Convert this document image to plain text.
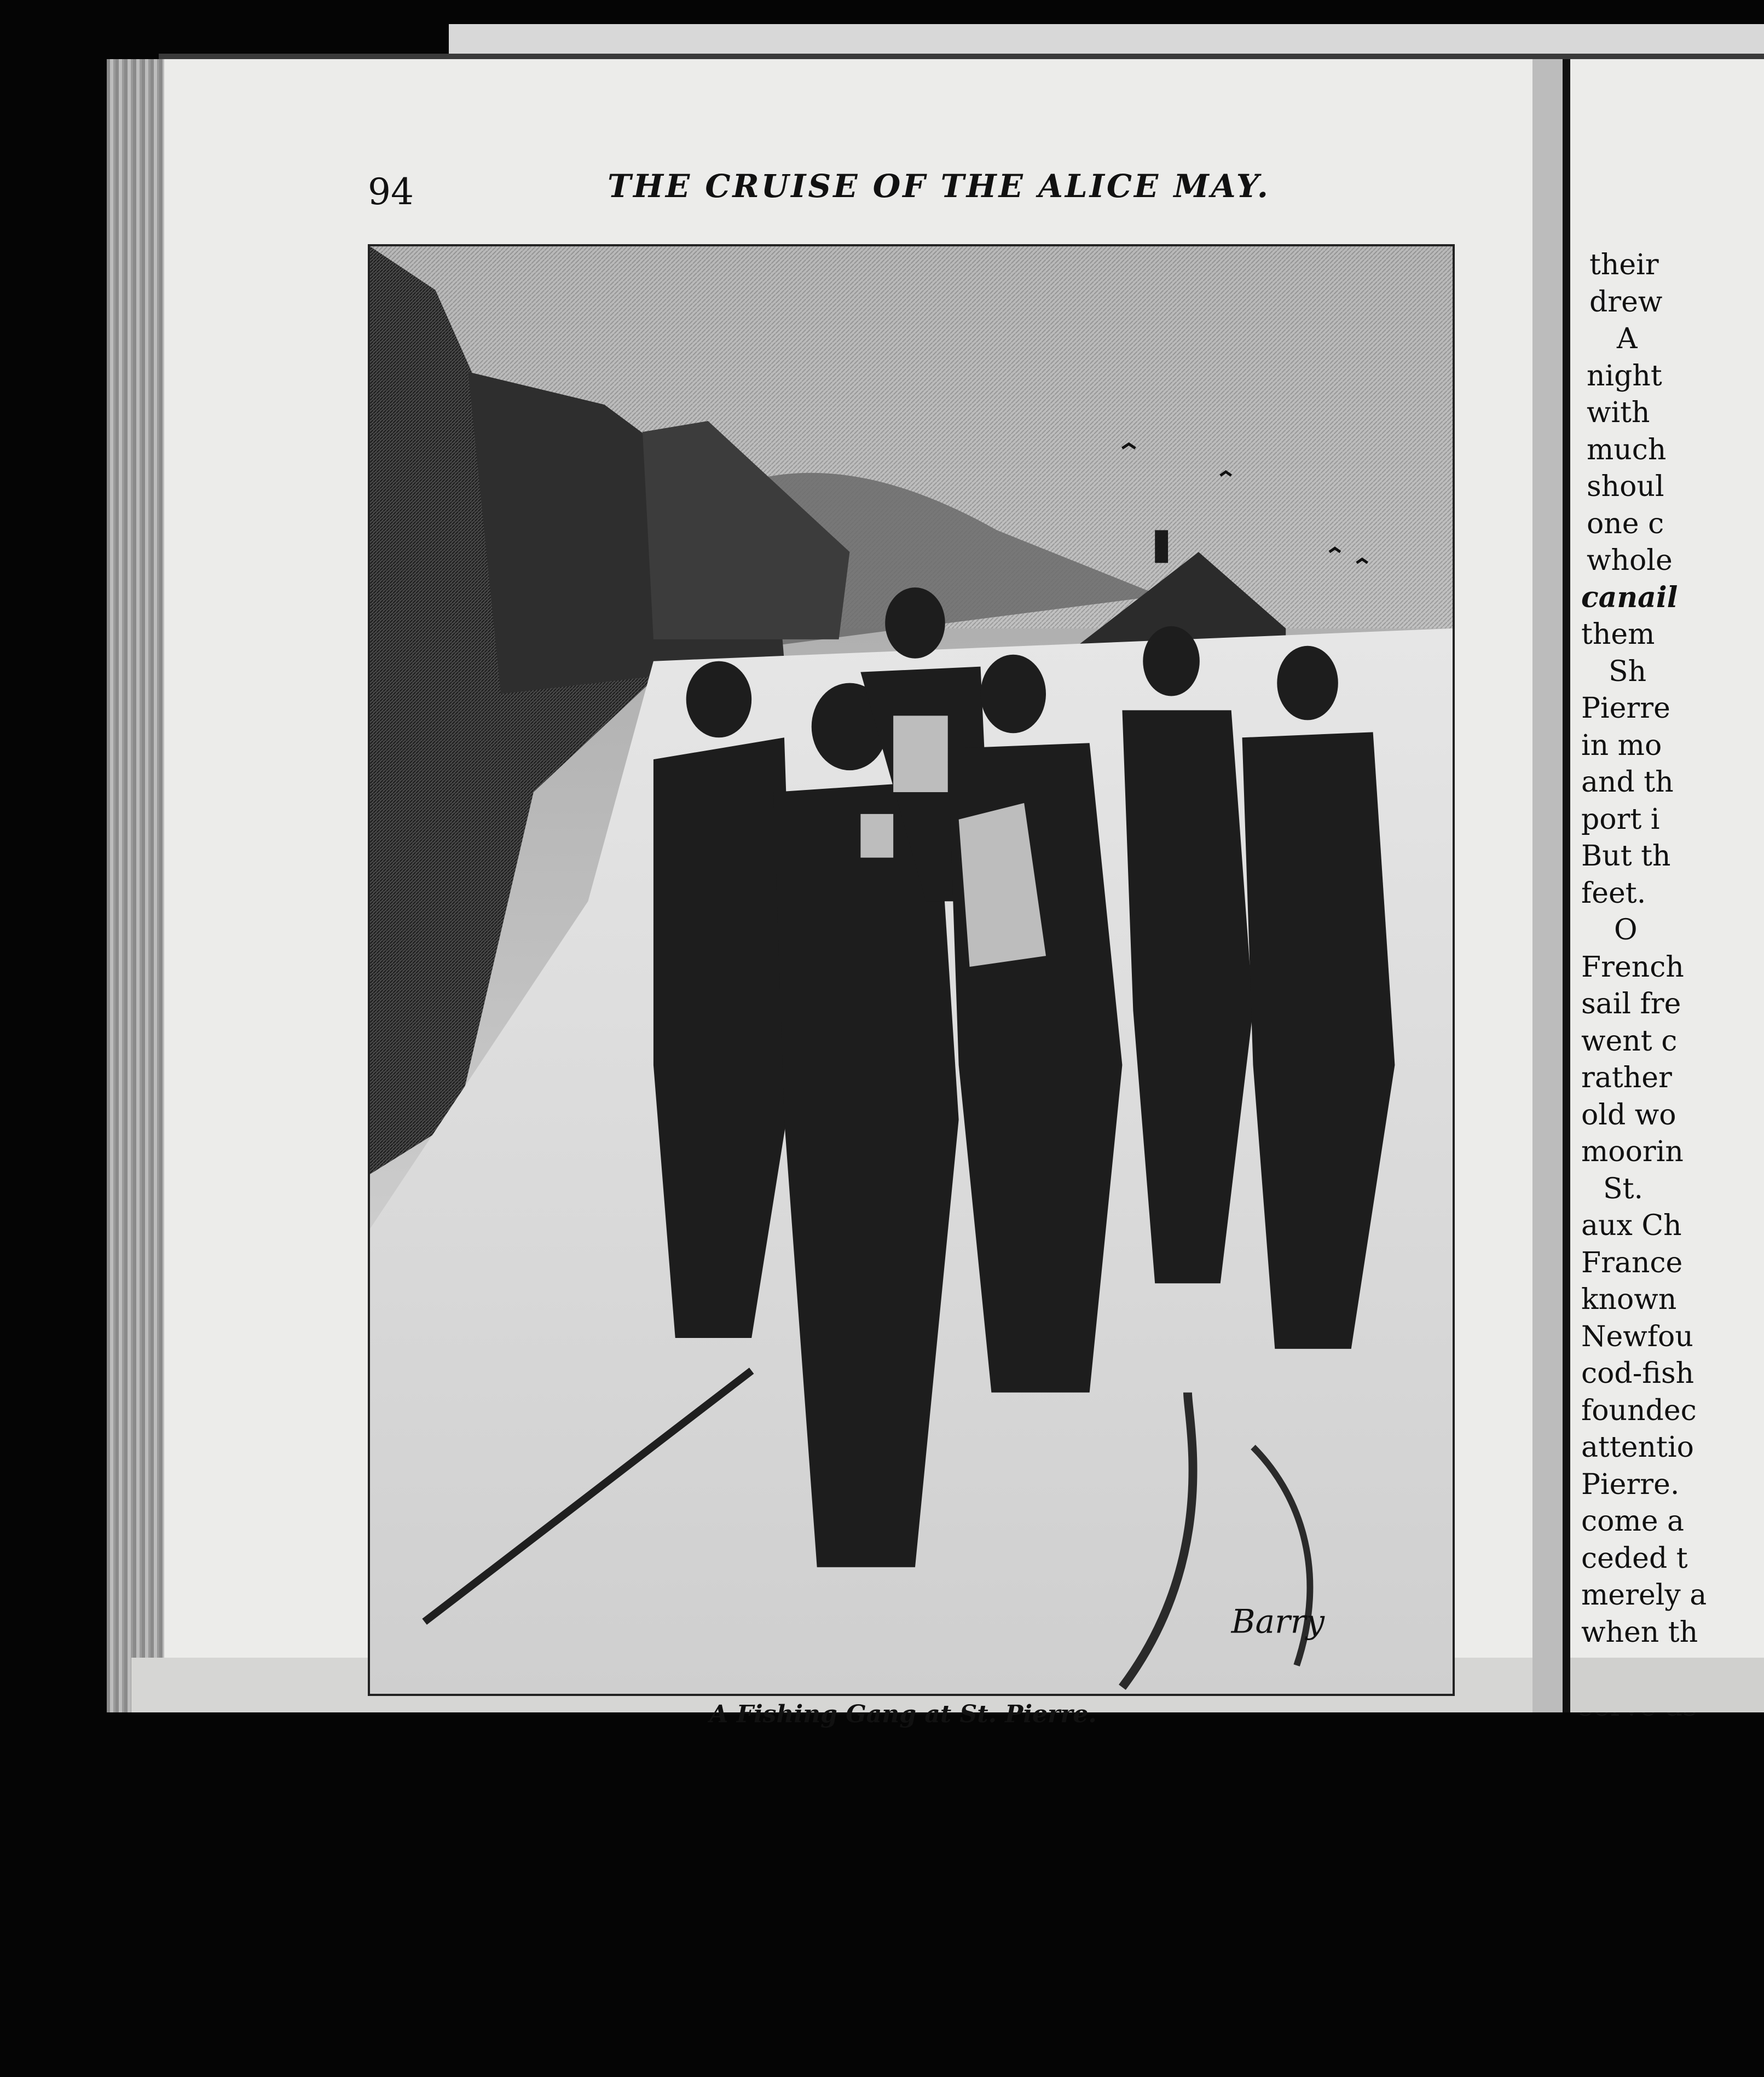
their
drew
A
night
with
much
shoul
one c
whole
canail
them
Sh
Pierre
in mo
and th
port i
But th
feet.
O
French
sail fre
went c
rather
old wo
moorin
St.
aux Ch
France
known
Newfou
cod-fish
foundec
attentio
Pierre.
come a
ceded t
merely a
when th
94	THE CRUISE OF THE ALICE MAY.
Barry
A Fishing Gang at St. Pierre.
